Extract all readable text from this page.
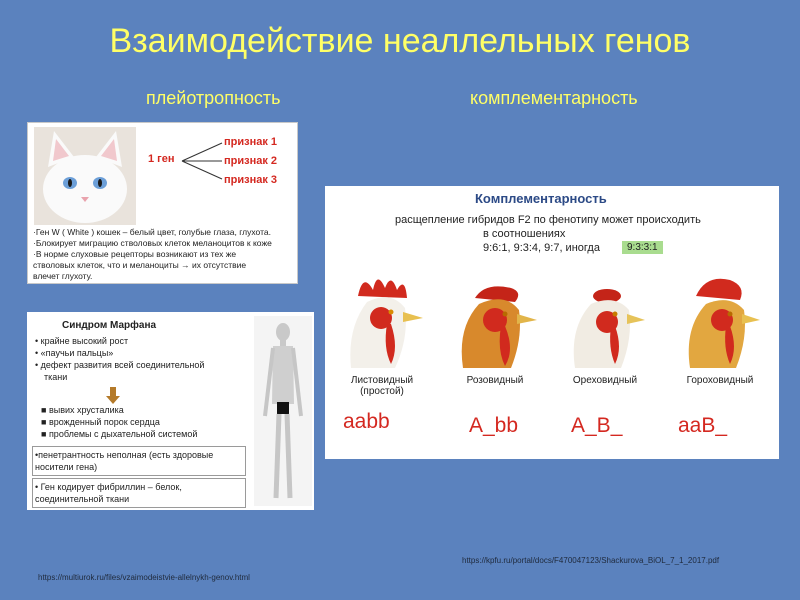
Взаимодействие неаллельных генов
плейотропность	комплементарность
1 ген
признак 1
признак 2
признак 3
·Ген W ( White ) кошек – белый цвет, голубые глаза, глухота.
·Блокирует миграцию стволовых клеток меланоцитов к коже
·В норме слуховые рецепторы возникают из тех же
стволовых клеток, что и меланоциты → их отсутствие
влечет глухоту.
Синдром Марфана
• крайне высокий рост
• «паучьи пальцы»
• дефект развития всей соединительной
ткани
■ вывих хрусталика
■ врожденный порок сердца
■ проблемы с дыхательной системой
•пенетрантность неполная (есть здоровые
носители гена)
• Ген кодирует фибриллин – белок,
соединительной ткани
Комплементарность
расщепление гибридов F2 по фенотипу может происходить
в соотношениях
9:6:1, 9:3:4, 9:7, иногда	9:3:3:1
Листовидный
(простой)
Розовидный	Ореховидный	Гороховидный
aabb	A_bb	A_B_	aaB_
https://kpfu.ru/portal/docs/F470047123/Shackurova_BiOL_7_1_2017.pdf
https://multiurok.ru/files/vzaimodeistvie-allelnykh-genov.html
